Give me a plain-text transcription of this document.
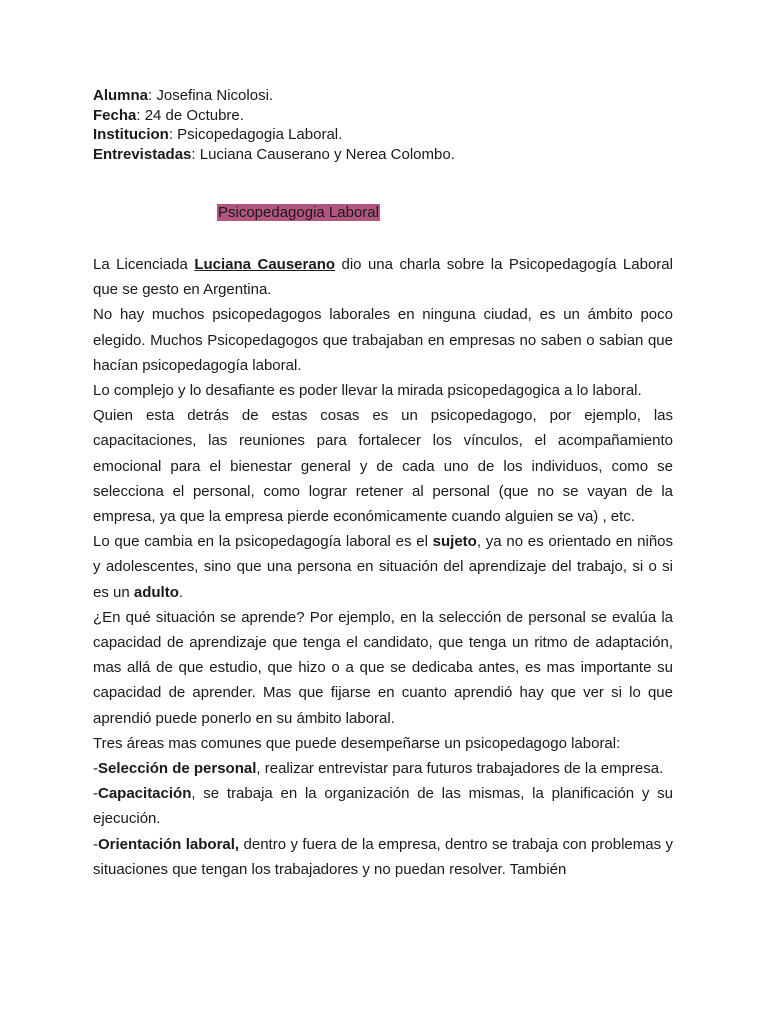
Alumna: Josefina Nicolosi.
Fecha: 24 de Octubre.
Institucion: Psicopedagogia Laboral.
Entrevistadas: Luciana Causerano y Nerea Colombo.
Psicopedagogia Laboral

La Licenciada Luciana Causerano dio una charla sobre la Psicopedagogía Laboral que se gesto en Argentina.

No hay muchos psicopedagogos laborales en ninguna ciudad, es un ámbito poco elegido. Muchos Psicopedagogos que trabajaban en empresas no saben o sabian que hacían psicopedagogía laboral.

Lo complejo y lo desafiante es poder llevar la mirada psicopedagogica a lo laboral.

Quien esta detrás de estas cosas es un psicopedagogo, por ejemplo, las capacitaciones, las reuniones para fortalecer los vínculos, el acompañamiento emocional para el bienestar general y de cada uno de los individuos, como se selecciona el personal, como lograr retener al personal (que no se vayan de la empresa, ya que la empresa pierde económicamente cuando alguien se va) , etc.

Lo que cambia en la psicopedagogía laboral es el sujeto, ya no es orientado en niños y adolescentes, sino que una persona en situación del aprendizaje del trabajo, si o si es un adulto.

¿En qué situación se aprende? Por ejemplo, en la selección de personal se evalúa la capacidad de aprendizaje que tenga el candidato, que tenga un ritmo de adaptación, mas allá de que estudio, que hizo o a que se dedicaba antes, es mas importante su capacidad de aprender. Mas que fijarse en cuanto aprendió hay que ver si lo que aprendió puede ponerlo en su ámbito laboral.

Tres áreas mas comunes que puede desempeñarse un psicopedagogo laboral:

-Selección de personal, realizar entrevistar para futuros trabajadores de la empresa.

-Capacitación, se trabaja en la organización de las mismas, la planificación y su ejecución.

-Orientación laboral, dentro y fuera de la empresa, dentro se trabaja con problemas y situaciones que tengan los trabajadores y no puedan resolver. También
